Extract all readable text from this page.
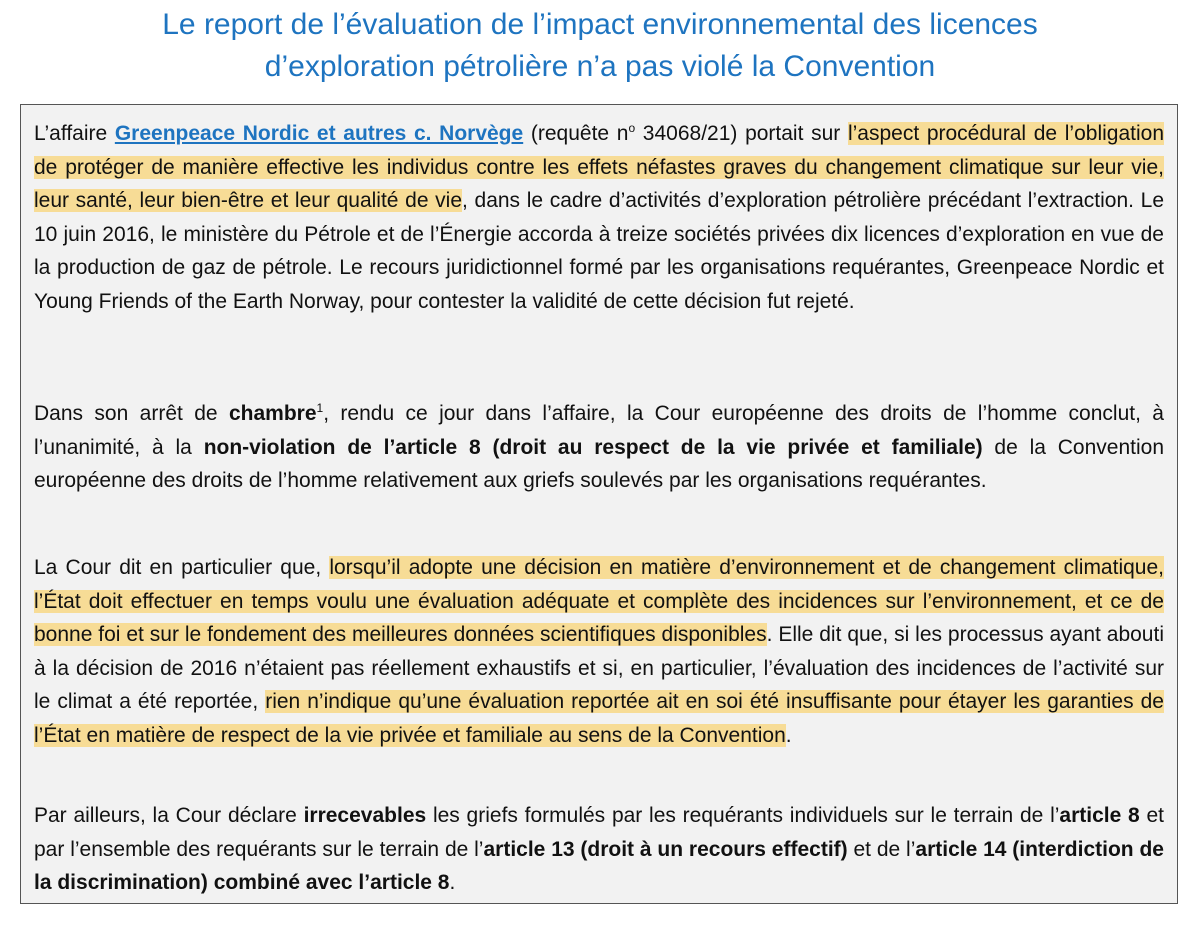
Le report de l’évaluation de l’impact environnemental des licences
d’exploration pétrolière n’a pas violé la Convention

L’affaire Greenpeace Nordic et autres c. Norvège (requête $n^o$ 34068/21) portait sur l’aspect procédural de l’obligation de protéger de manière effective les individus contre les effets néfastes graves du changement climatique sur leur vie, leur santé, leur bien-être et leur qualité de vie, dans le cadre d’activités d’exploration pétrolière précédant l’extraction. Le 10 juin 2016, le ministère du Pétrole et de l’Énergie accorda à treize sociétés privées dix licences d’exploration en vue de la production de gaz de pétrole. Le recours juridictionnel formé par les organisations requérantes, Greenpeace Nordic et Young Friends of the Earth Norway, pour contester la validité de cette décision fut rejeté.

Dans son arrêt de chambre$^1$, rendu ce jour dans l’affaire, la Cour européenne des droits de l’homme conclut, à l’unanimité, à la non-violation de l’article 8 (droit au respect de la vie privée et familiale) de la Convention européenne des droits de l’homme relativement aux griefs soulevés par les organisations requérantes.

La Cour dit en particulier que, lorsqu’il adopte une décision en matière d’environnement et de changement climatique, l’État doit effectuer en temps voulu une évaluation adéquate et complète des incidences sur l’environnement, et ce de bonne foi et sur le fondement des meilleures données scientifiques disponibles. Elle dit que, si les processus ayant abouti à la décision de 2016 n’étaient pas réellement exhaustifs et si, en particulier, l’évaluation des incidences de l’activité sur le climat a été reportée, rien n’indique qu’une évaluation reportée ait en soi été insuffisante pour étayer les garanties de l’État en matière de respect de la vie privée et familiale au sens de la Convention.

Par ailleurs, la Cour déclare irrecevables les griefs formulés par les requérants individuels sur le terrain de l’article 8 et par l’ensemble des requérants sur le terrain de l’article 13 (droit à un recours effectif) et de l’article 14 (interdiction de la discrimination) combiné avec l’article 8.
